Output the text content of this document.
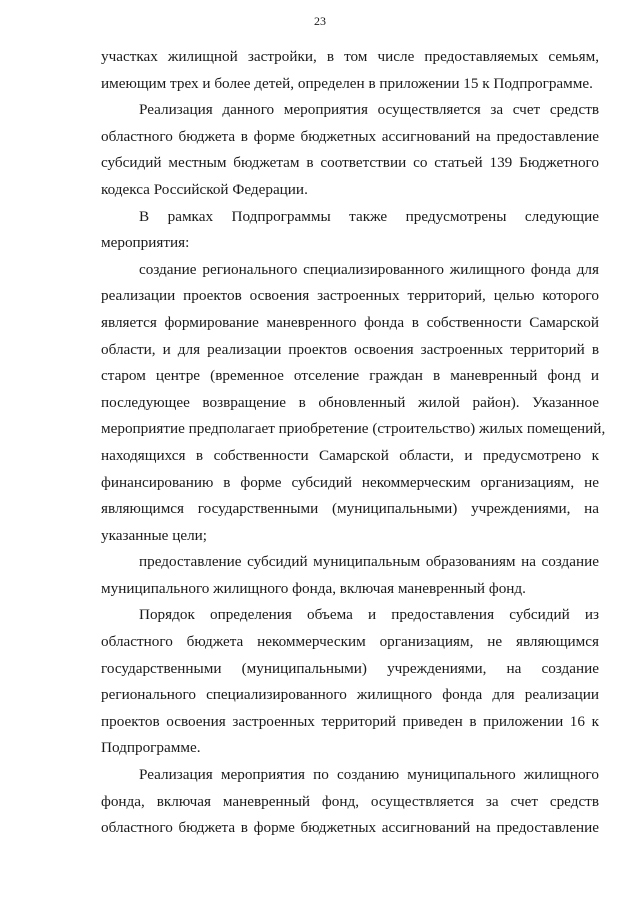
23
участках жилищной застройки, в том числе предоставляемых семьям,
имеющим трех и более детей, определен в приложении 15 к Подпрограмме.
Реализация данного мероприятия осуществляется за счет средств
областного бюджета в форме бюджетных ассигнований на предоставление
субсидий местным бюджетам в соответствии со статьей 139 Бюджетного
кодекса Российской Федерации.
В рамках Подпрограммы также предусмотрены следующие
мероприятия:
создание регионального специализированного жилищного фонда для
реализации проектов освоения застроенных территорий, целью которого
является формирование маневренного фонда в собственности Самарской
области, и для реализации проектов освоения застроенных территорий в
старом центре (временное отселение граждан в маневренный фонд и
последующее возвращение в обновленный жилой район). Указанное
мероприятие предполагает приобретение (строительство) жилых помещений,
находящихся в собственности Самарской области, и предусмотрено к
финансированию в форме субсидий некоммерческим организациям, не
являющимся государственными (муниципальными) учреждениями, на
указанные цели;
предоставление субсидий муниципальным образованиям на создание
муниципального жилищного фонда, включая маневренный фонд.
Порядок определения объема и предоставления субсидий из
областного бюджета некоммерческим организациям, не являющимся
государственными (муниципальными) учреждениями, на создание
регионального специализированного жилищного фонда для реализации
проектов освоения застроенных территорий приведен в приложении 16 к
Подпрограмме.
Реализация мероприятия по созданию муниципального жилищного
фонда, включая маневренный фонд, осуществляется за счет средств
областного бюджета в форме бюджетных ассигнований на предоставление
